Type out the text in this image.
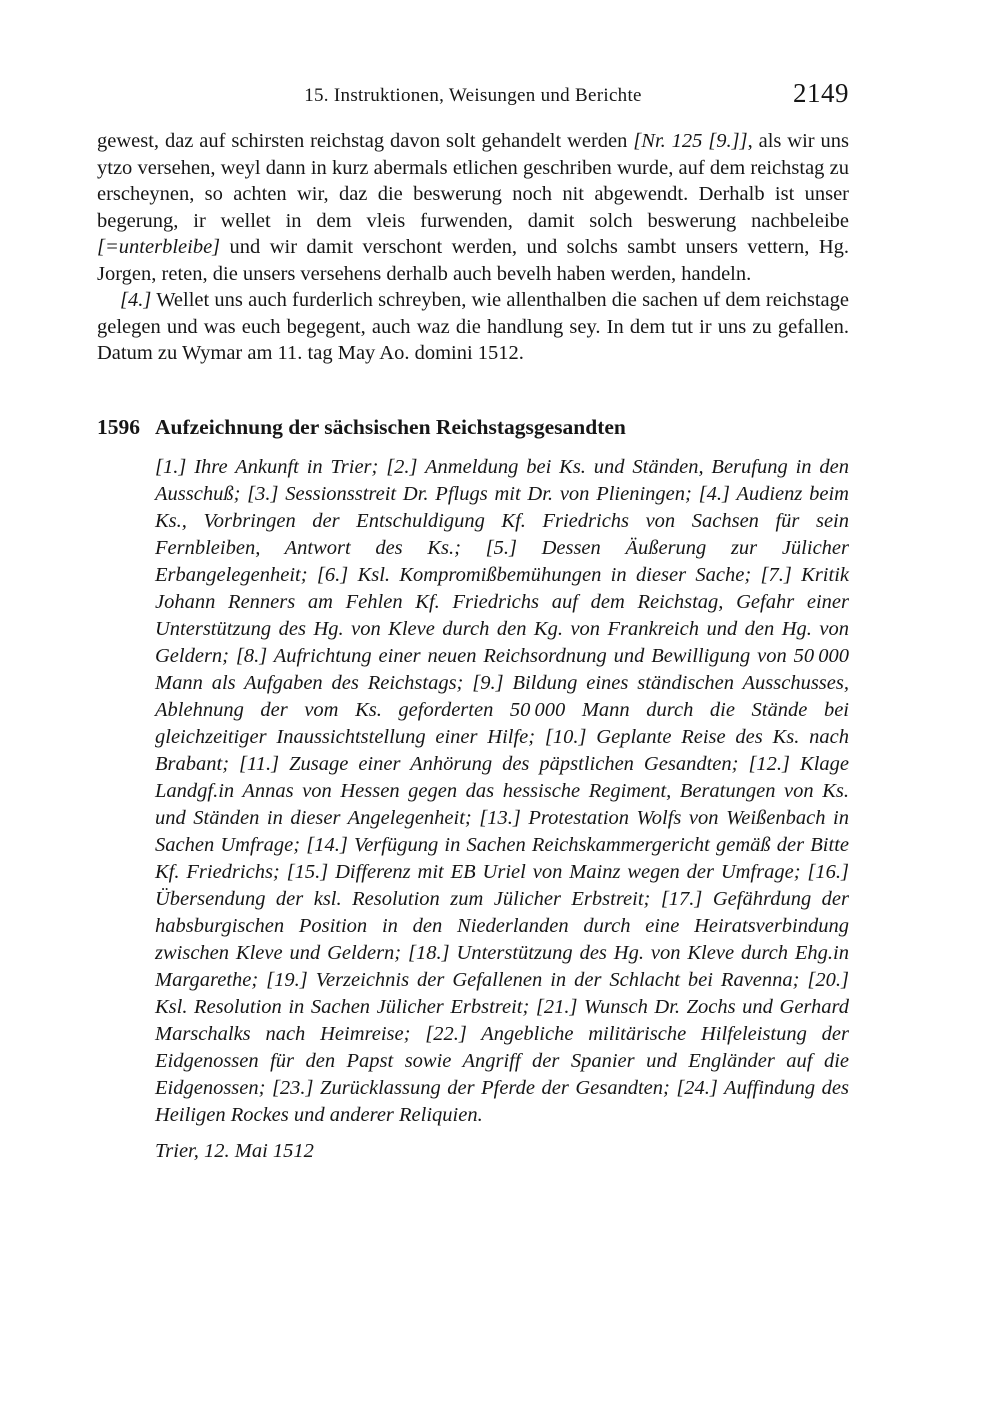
15. Instruktionen, Weisungen und Berichte	2149

gewest, daz auf schirsten reichstag davon solt gehandelt werden [Nr. 125 [9.]], als wir uns ytzo versehen, weyl dann in kurz abermals etlichen geschriben wurde, auf dem reichstag zu erscheynen, so achten wir, daz die beswerung noch nit abgewendt. Derhalb ist unser begerung, ir wellet in dem vleis furwenden, damit solch beswerung nachbeleibe [=unterbleibe] und wir damit verschont werden, und solchs sambt unsers vettern, Hg. Jorgen, reten, die unsers versehens derhalb auch bevelh haben werden, handeln.

[4.] Wellet uns auch furderlich schreyben, wie allenthalben die sachen uf dem reichstage gelegen und was euch begegent, auch waz die handlung sey. In dem tut ir uns zu gefallen. Datum zu Wymar am 11. tag May Ao. domini 1512.

1596 Aufzeichnung der sächsischen Reichstagsgesandten

[1.] Ihre Ankunft in Trier; [2.] Anmeldung bei Ks. und Ständen, Berufung in den Ausschuß; [3.] Sessionsstreit Dr. Pflugs mit Dr. von Plieningen; [4.] Audienz beim Ks., Vorbringen der Entschuldigung Kf. Friedrichs von Sachsen für sein Fernbleiben, Antwort des Ks.; [5.] Dessen Äußerung zur Jülicher Erbangelegenheit; [6.] Ksl. Kompromißbemühungen in dieser Sache; [7.] Kritik Johann Renners am Fehlen Kf. Friedrichs auf dem Reichstag, Gefahr einer Unterstützung des Hg. von Kleve durch den Kg. von Frankreich und den Hg. von Geldern; [8.] Aufrichtung einer neuen Reichsordnung und Bewilligung von 50 000 Mann als Aufgaben des Reichstags; [9.] Bildung eines ständischen Ausschusses, Ablehnung der vom Ks. geforderten 50 000 Mann durch die Stände bei gleichzeitiger Inaussichtstellung einer Hilfe; [10.] Geplante Reise des Ks. nach Brabant; [11.] Zusage einer Anhörung des päpstlichen Gesandten; [12.] Klage Landgf.in Annas von Hessen gegen das hessische Regiment, Beratungen von Ks. und Ständen in dieser Angelegenheit; [13.] Protestation Wolfs von Weißenbach in Sachen Umfrage; [14.] Verfügung in Sachen Reichskammergericht gemäß der Bitte Kf. Friedrichs; [15.] Differenz mit EB Uriel von Mainz wegen der Umfrage; [16.] Übersendung der ksl. Resolution zum Jülicher Erbstreit; [17.] Gefährdung der habsburgischen Position in den Niederlanden durch eine Heiratsverbindung zwischen Kleve und Geldern; [18.] Unterstützung des Hg. von Kleve durch Ehg.in Margarethe; [19.] Verzeichnis der Gefallenen in der Schlacht bei Ravenna; [20.] Ksl. Resolution in Sachen Jülicher Erbstreit; [21.] Wunsch Dr. Zochs und Gerhard Marschalks nach Heimreise; [22.] Angebliche militärische Hilfeleistung der Eidgenossen für den Papst sowie Angriff der Spanier und Engländer auf die Eidgenossen; [23.] Zurücklassung der Pferde der Gesandten; [24.] Auffindung des Heiligen Rockes und anderer Reliquien.

Trier, 12. Mai 1512
